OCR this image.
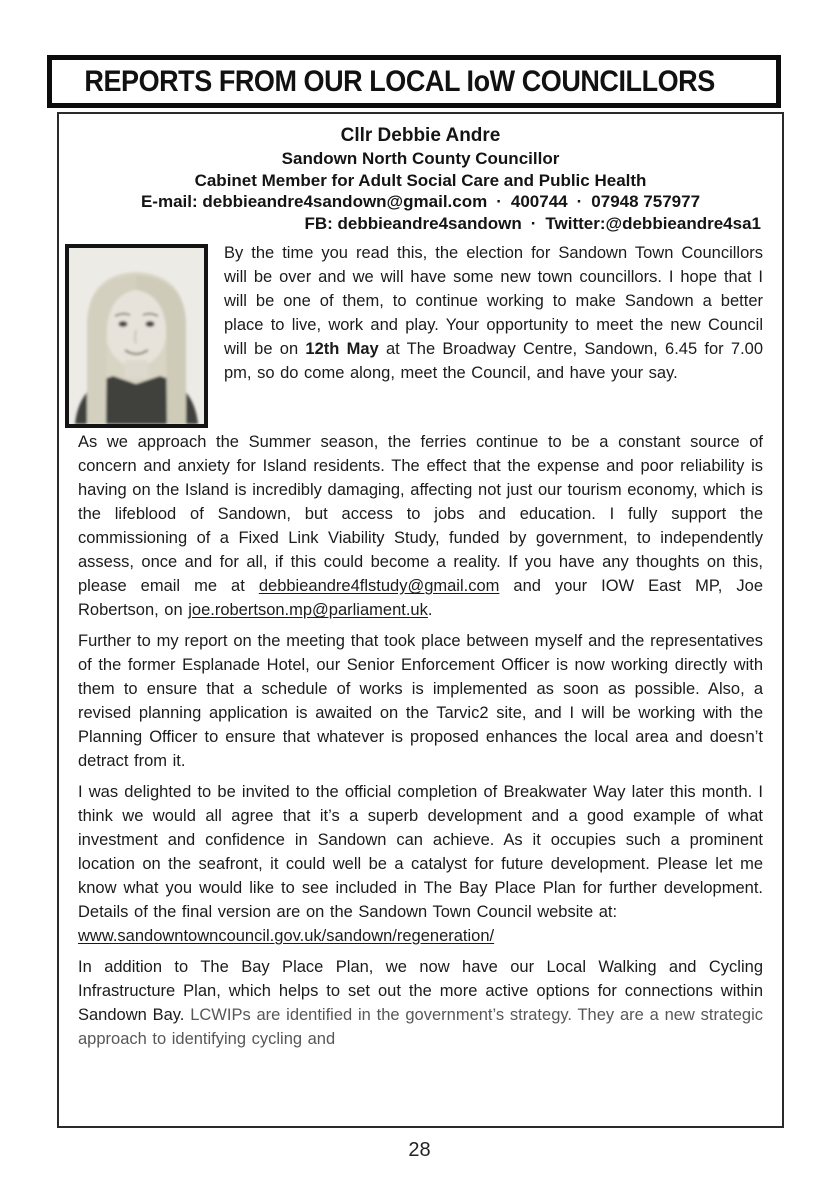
REPORTS FROM OUR LOCAL IoW COUNCILLORS
Cllr Debbie Andre
Sandown North County Councillor
Cabinet Member for Adult Social Care and Public Health
E-mail: debbieandre4sandown@gmail.com · 400744 · 07948 757977
FB: debbieandre4sandown · Twitter:@debbieandre4sa1
By the time you read this, the election for Sandown Town Councillors will be over and we will have some new town councillors. I hope that I will be one of them, to continue working to make Sandown a better place to live, work and play. Your opportunity to meet the new Council will be on 12th May at The Broadway Centre, Sandown, 6.45 for 7.00 pm, so do come along, meet the Council, and have your say.
As we approach the Summer season, the ferries continue to be a constant source of concern and anxiety for Island residents. The effect that the expense and poor reliability is having on the Island is incredibly damaging, affecting not just our tourism economy, which is the lifeblood of Sandown, but access to jobs and education. I fully support the commissioning of a Fixed Link Viability Study, funded by government, to independently assess, once and for all, if this could become a reality. If you have any thoughts on this, please email me at debbieandre4flstudy@gmail.com and your IOW East MP, Joe Robertson, on joe.robertson.mp@parliament.uk.
Further to my report on the meeting that took place between myself and the representatives of the former Esplanade Hotel, our Senior Enforcement Officer is now working directly with them to ensure that a schedule of works is implemented as soon as possible. Also, a revised planning application is awaited on the Tarvic2 site, and I will be working with the Planning Officer to ensure that whatever is proposed enhances the local area and doesn’t detract from it.
I was delighted to be invited to the official completion of Breakwater Way later this month. I think we would all agree that it’s a superb development and a good example of what investment and confidence in Sandown can achieve. As it occupies such a prominent location on the seafront, it could well be a catalyst for future development. Please let me know what you would like to see included in The Bay Place Plan for further development. Details of the final version are on the Sandown Town Council website at:
www.sandowntowncouncil.gov.uk/sandown/regeneration/
In addition to The Bay Place Plan, we now have our Local Walking and Cycling Infrastructure Plan, which helps to set out the more active options for connections within Sandown Bay. LCWIPs are identified in the government’s strategy. They are a new strategic approach to identifying cycling and
28
